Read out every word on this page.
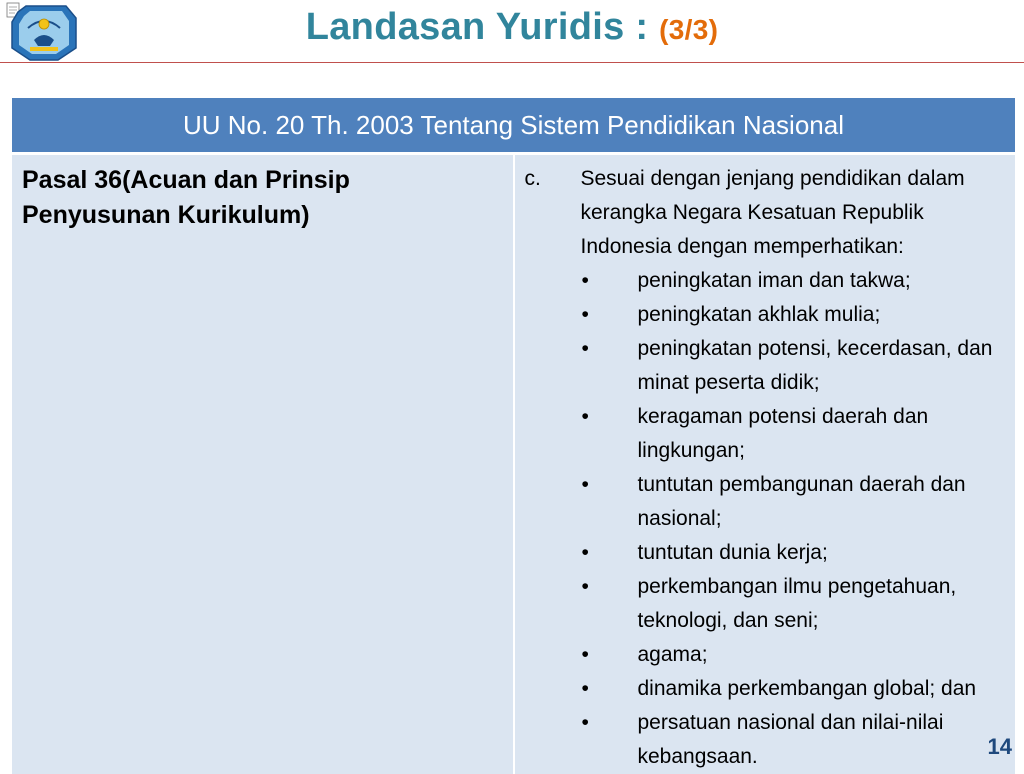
Landasan Yuridis : (3/3)
UU No. 20 Th. 2003 Tentang Sistem Pendidikan Nasional

Pasal 36(Acuan dan Prinsip Penyusunan Kurikulum)

c.	Sesuai dengan jenjang pendidikan dalam kerangka Negara Kesatuan Republik Indonesia dengan memperhatikan:
•	peningkatan iman dan takwa;
•	peningkatan akhlak mulia;
•	peningkatan potensi, kecerdasan, dan minat peserta didik;
•	keragaman potensi daerah dan lingkungan;
•	tuntutan pembangunan daerah dan nasional;
•	tuntutan dunia kerja;
•	perkembangan ilmu pengetahuan, teknologi, dan seni;
•	agama;
•	dinamika perkembangan global; dan
•	persatuan nasional dan nilai-nilai kebangsaan.	14
